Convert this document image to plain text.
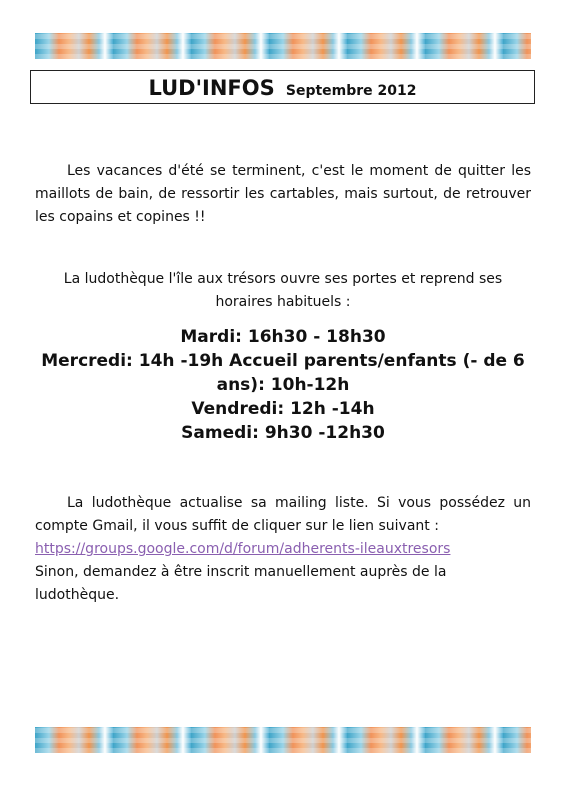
LUD'INFOS Septembre 2012
Les vacances d'été se terminent, c'est le moment de quitter les maillots de bain, de ressortir les cartables, mais surtout, de retrouver les copains et copines !!
La ludothèque l'île aux trésors ouvre ses portes et reprend ses
horaires habituels :
Mardi: 16h30 - 18h30
Mercredi: 14h -19h Accueil parents/enfants (- de 6
ans): 10h-12h
Vendredi: 12h -14h
Samedi: 9h30 -12h30
La ludothèque actualise sa mailing liste. Si vous possédez un compte Gmail, il vous suffit de cliquer sur le lien suivant :
https://groups.google.com/d/forum/adherents-ileauxtresors
Sinon, demandez à être inscrit manuellement auprès de la ludothèque.
